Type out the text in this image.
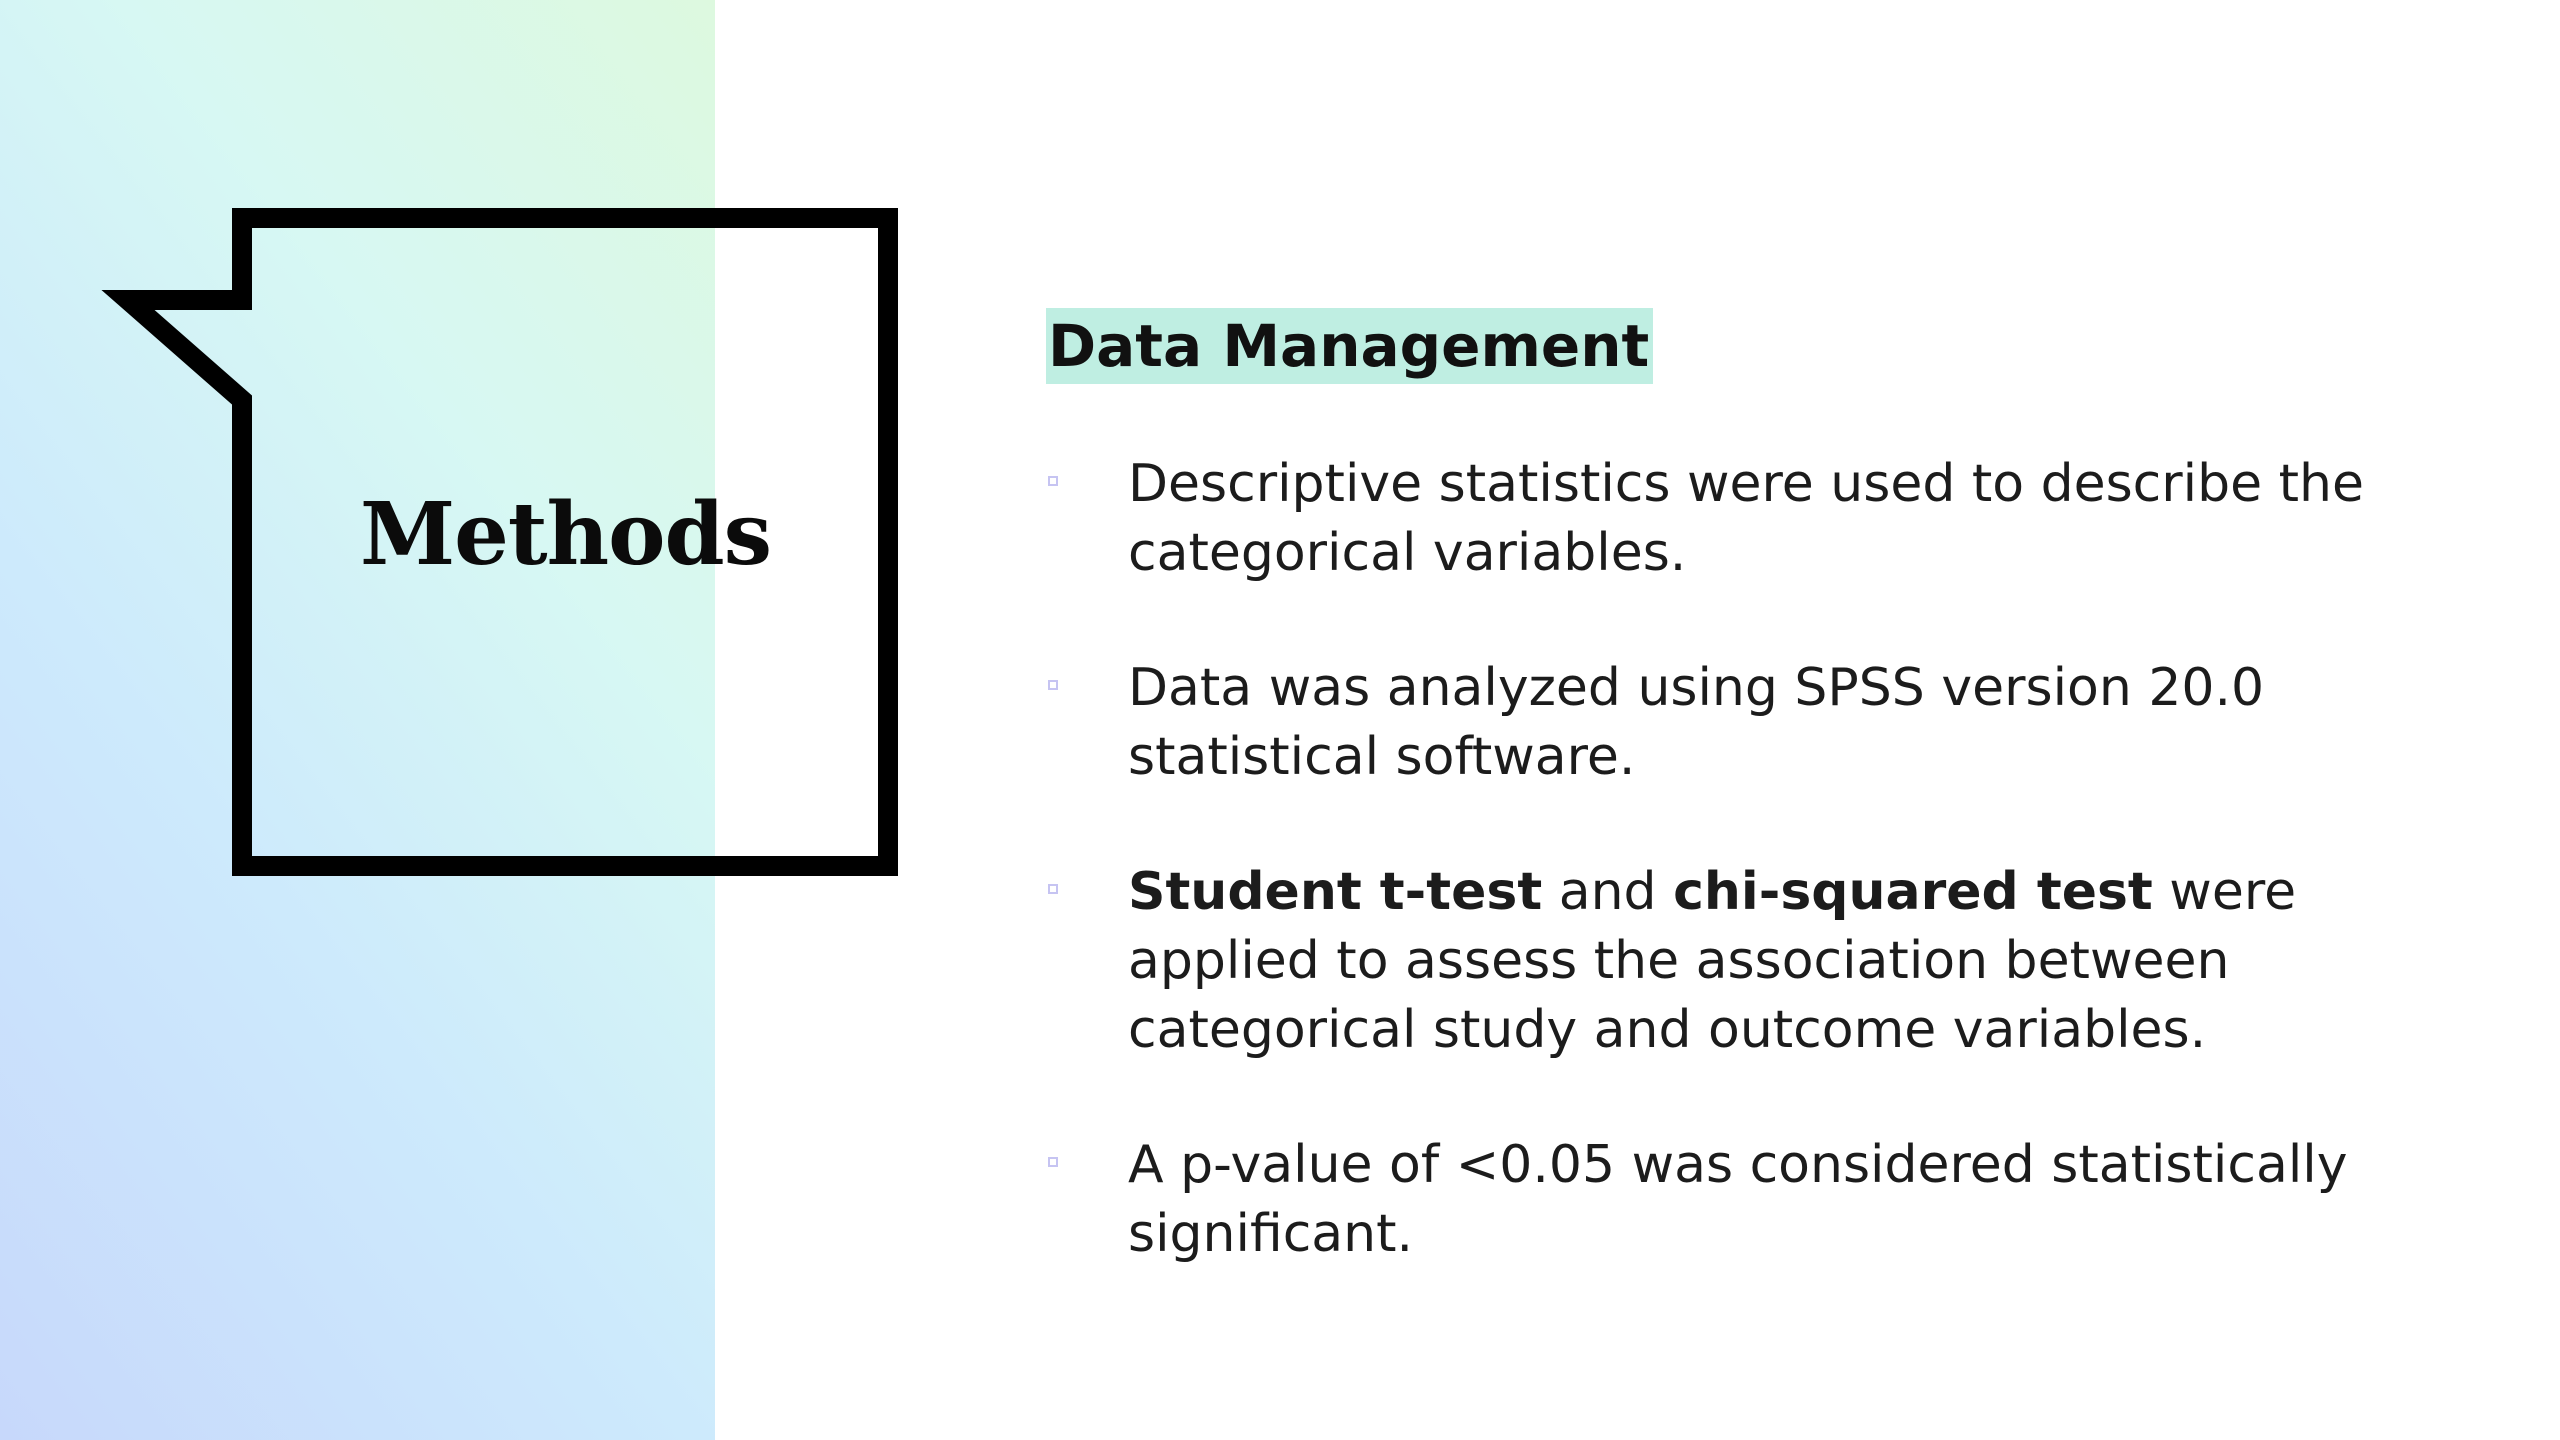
Methods
Data Management
Descriptive statistics were used to describe the categorical variables.
Data was analyzed using SPSS version 20.0 statistical software.
Student t-test and chi-squared test were applied to assess the association between categorical study and outcome variables.
A p-value of <0.05 was considered statistically significant.
